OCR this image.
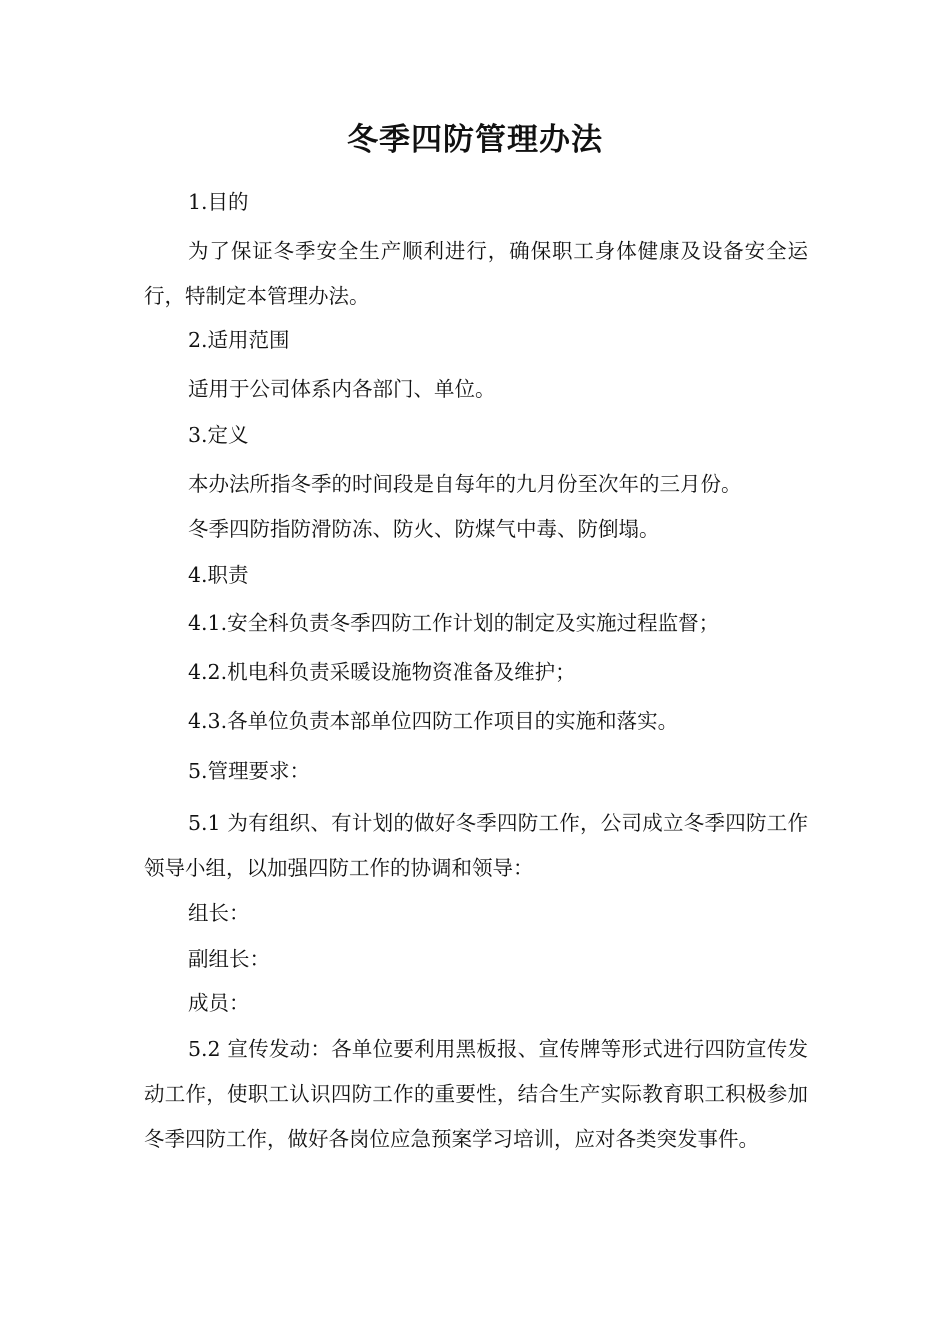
冬季四防管理办法

1.目的

为了保证冬季安全生产顺利进行，确保职工身体健康及设备安全运行，特制定本管理办法。

2.适用范围

适用于公司体系内各部门、单位。

3.定义

本办法所指冬季的时间段是自每年的九月份至次年的三月份。

冬季四防指防滑防冻、防火、防煤气中毒、防倒塌。

4.职责

4.1.安全科负责冬季四防工作计划的制定及实施过程监督；

4.2.机电科负责采暖设施物资准备及维护；

4.3.各单位负责本部单位四防工作项目的实施和落实。

5.管理要求：

5.1 为有组织、有计划的做好冬季四防工作，公司成立冬季四防工作领导小组，以加强四防工作的协调和领导：

组长：

副组长：

成员：

5.2 宣传发动：各单位要利用黑板报、宣传牌等形式进行四防宣传发动工作，使职工认识四防工作的重要性，结合生产实际教育职工积极参加冬季四防工作，做好各岗位应急预案学习培训，应对各类突发事件。
